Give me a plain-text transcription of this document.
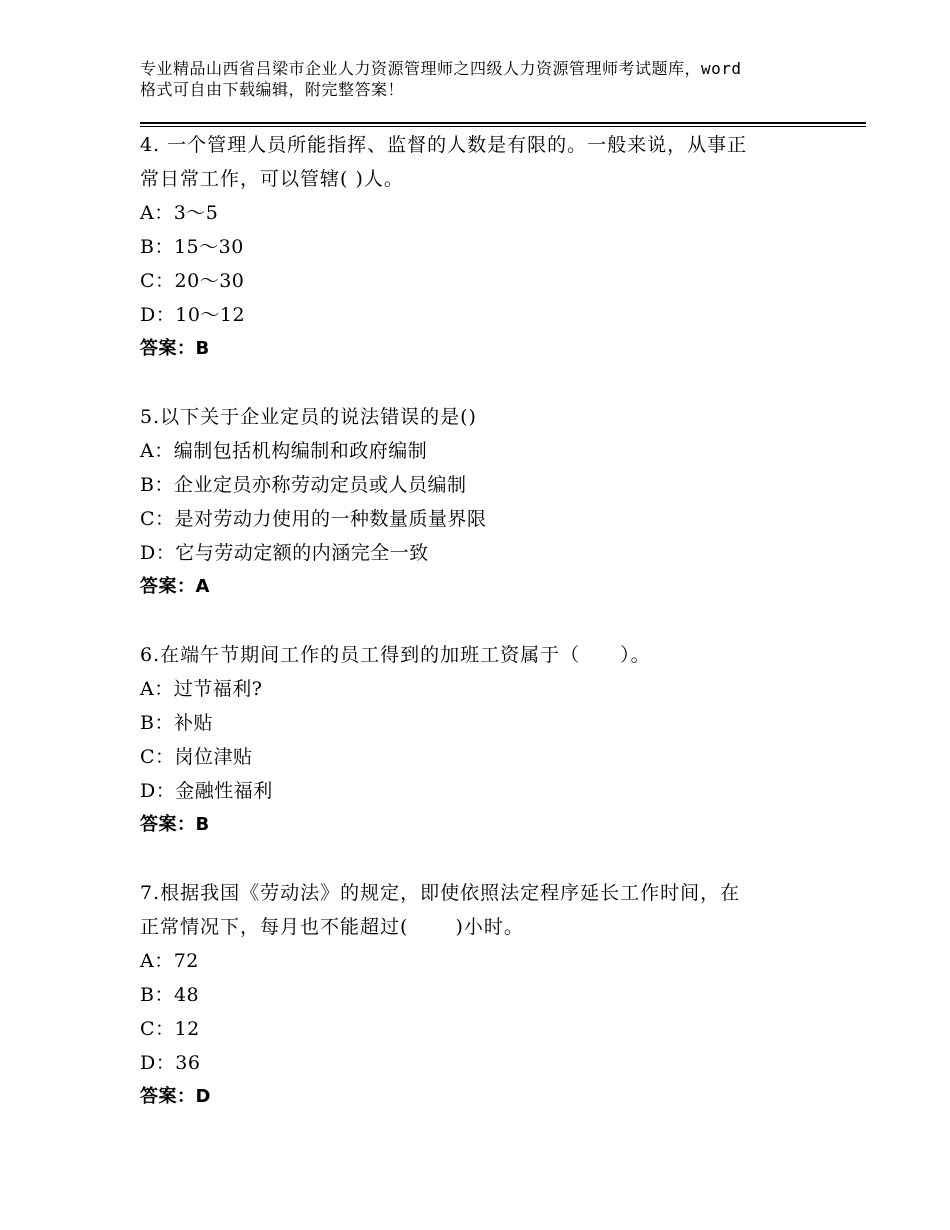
专业精品山西省吕梁市企业人力资源管理师之四级人力资源管理师考试题库，word
格式可自由下载编辑，附完整答案！
4. 一个管理人员所能指挥、监督的人数是有限的。一般来说，从事正
常日常工作，可以管辖( )人。
A：3～5
B：15～30
C：20～30
D：10～12
答案：B
5.以下关于企业定员的说法错误的是()
A：编制包括机构编制和政府编制
B：企业定员亦称劳动定员或人员编制
C：是对劳动力使用的一种数量质量界限
D：它与劳动定额的内涵完全一致
答案：A
6.在端午节期间工作的员工得到的加班工资属于（　　）。
A：过节福利?
B：补贴
C：岗位津贴
D：金融性福利
答案：B
7.根据我国《劳动法》的规定，即使依照法定程序延长工作时间，在
正常情况下，每月也不能超过(　　 )小时。
A：72
B：48
C：12
D：36
答案：D
